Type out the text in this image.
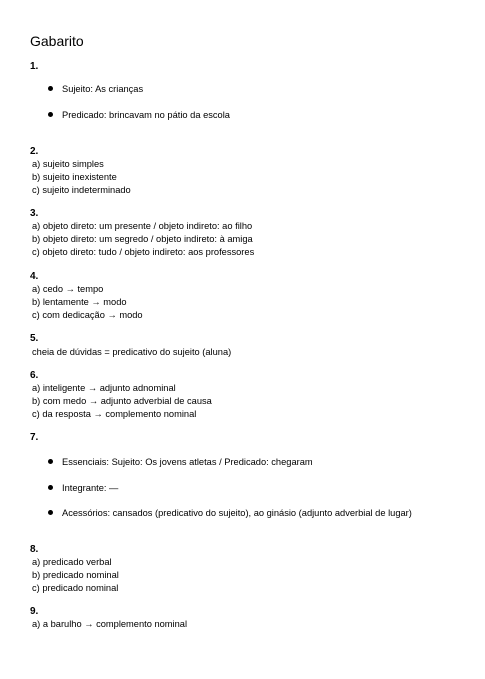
Gabarito
1.
Sujeito: As crianças
Predicado: brincavam no pátio da escola
2.
a) sujeito simples
b) sujeito inexistente
c) sujeito indeterminado
3.
a) objeto direto: um presente / objeto indireto: ao filho
b) objeto direto: um segredo / objeto indireto: à amiga
c) objeto direto: tudo / objeto indireto: aos professores
4.
a) cedo → tempo
b) lentamente → modo
c) com dedicação → modo
5.
cheia de dúvidas = predicativo do sujeito (aluna)
6.
a) inteligente → adjunto adnominal
b) com medo → adjunto adverbial de causa
c) da resposta → complemento nominal
7.
Essenciais: Sujeito: Os jovens atletas / Predicado: chegaram
Integrante: —
Acessórios: cansados (predicativo do sujeito), ao ginásio (adjunto adverbial de lugar)
8.
a) predicado verbal
b) predicado nominal
c) predicado nominal
9.
a) a barulho → complemento nominal
